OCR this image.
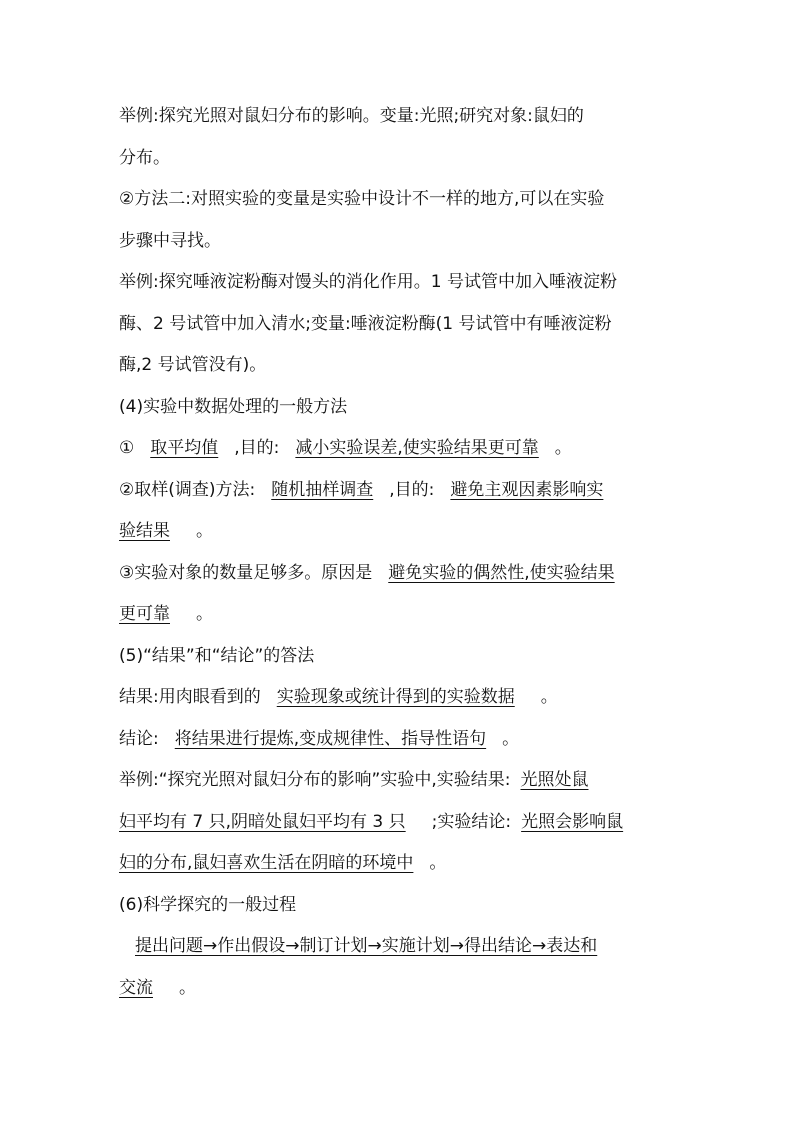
举例:探究光照对鼠妇分布的影响。变量:光照;研究对象:鼠妇的

分布。

②方法二:对照实验的变量是实验中设计不一样的地方,可以在实验

步骤中寻找。

举例:探究唾液淀粉酶对馒头的消化作用。1 号试管中加入唾液淀粉

酶、2 号试管中加入清水;变量:唾液淀粉酶(1 号试管中有唾液淀粉

酶,2 号试管没有)。

(4)实验中数据处理的一般方法

① 取平均值 ,目的: 减小实验误差,使实验结果更可靠 。

②取样(调查)方法: 随机抽样调查 ,目的: 避免主观因素影响实

验结果 。

③实验对象的数量足够多。原因是 避免实验的偶然性,使实验结果

更可靠 。

(5)“结果”和“结论”的答法

结果:用肉眼看到的 实验现象或统计得到的实验数据 。

结论: 将结果进行提炼,变成规律性、指导性语句 。

举例:“探究光照对鼠妇分布的影响”实验中,实验结果: 光照处鼠

妇平均有 7 只,阴暗处鼠妇平均有 3 只 ;实验结论: 光照会影响鼠

妇的分布,鼠妇喜欢生活在阴暗的环境中 。

(6)科学探究的一般过程

提出问题→作出假设→制订计划→实施计划→得出结论→表达和

交流 。
